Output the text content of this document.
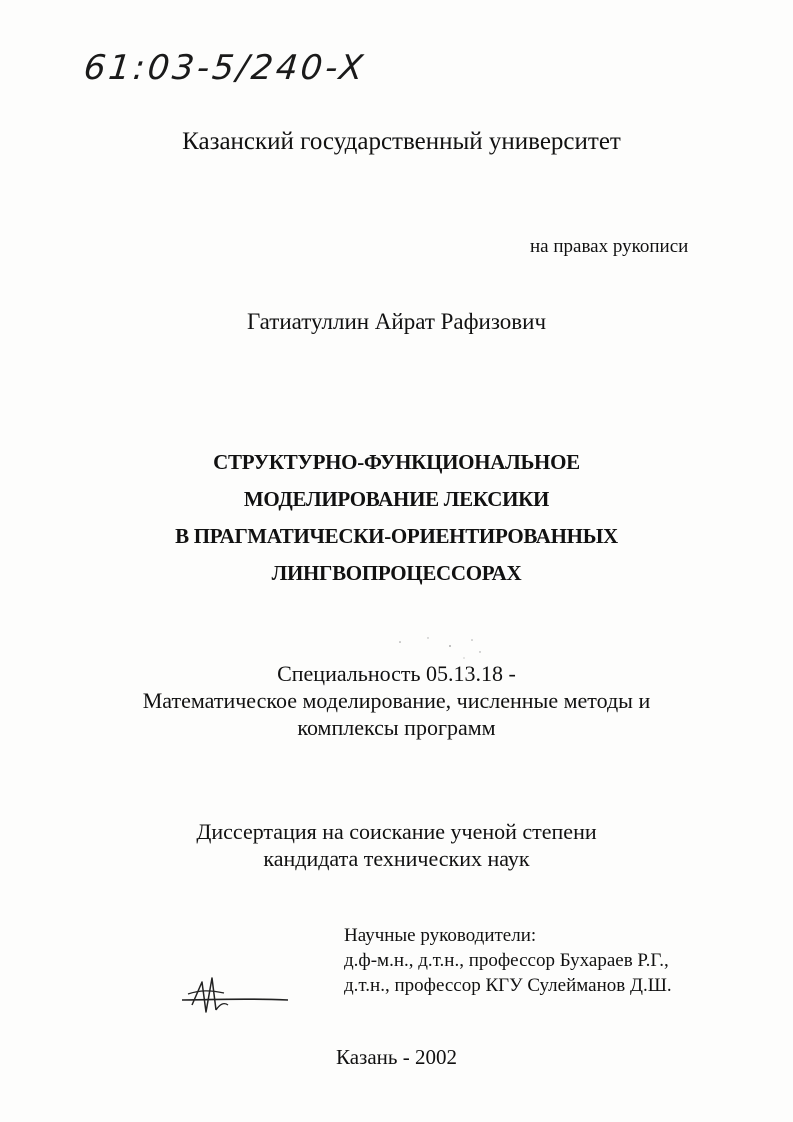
61:03-5/240-X
Казанский государственный университет
на правах рукописи
Гатиатуллин Айрат Рафизович
СТРУКТУРНО-ФУНКЦИОНАЛЬНОЕ
МОДЕЛИРОВАНИЕ ЛЕКСИКИ
В ПРАГМАТИЧЕСКИ-ОРИЕНТИРОВАННЫХ
ЛИНГВОПРОЦЕССОРАХ
Специальность 05.13.18 -
Математическое моделирование, численные методы и
комплексы программ
Диссертация на соискание ученой степени
кандидата технических наук
Научные руководители:
д.ф-м.н., д.т.н., профессор Бухараев Р.Г.,
д.т.н., профессор КГУ Сулейманов Д.Ш.
Казань - 2002
